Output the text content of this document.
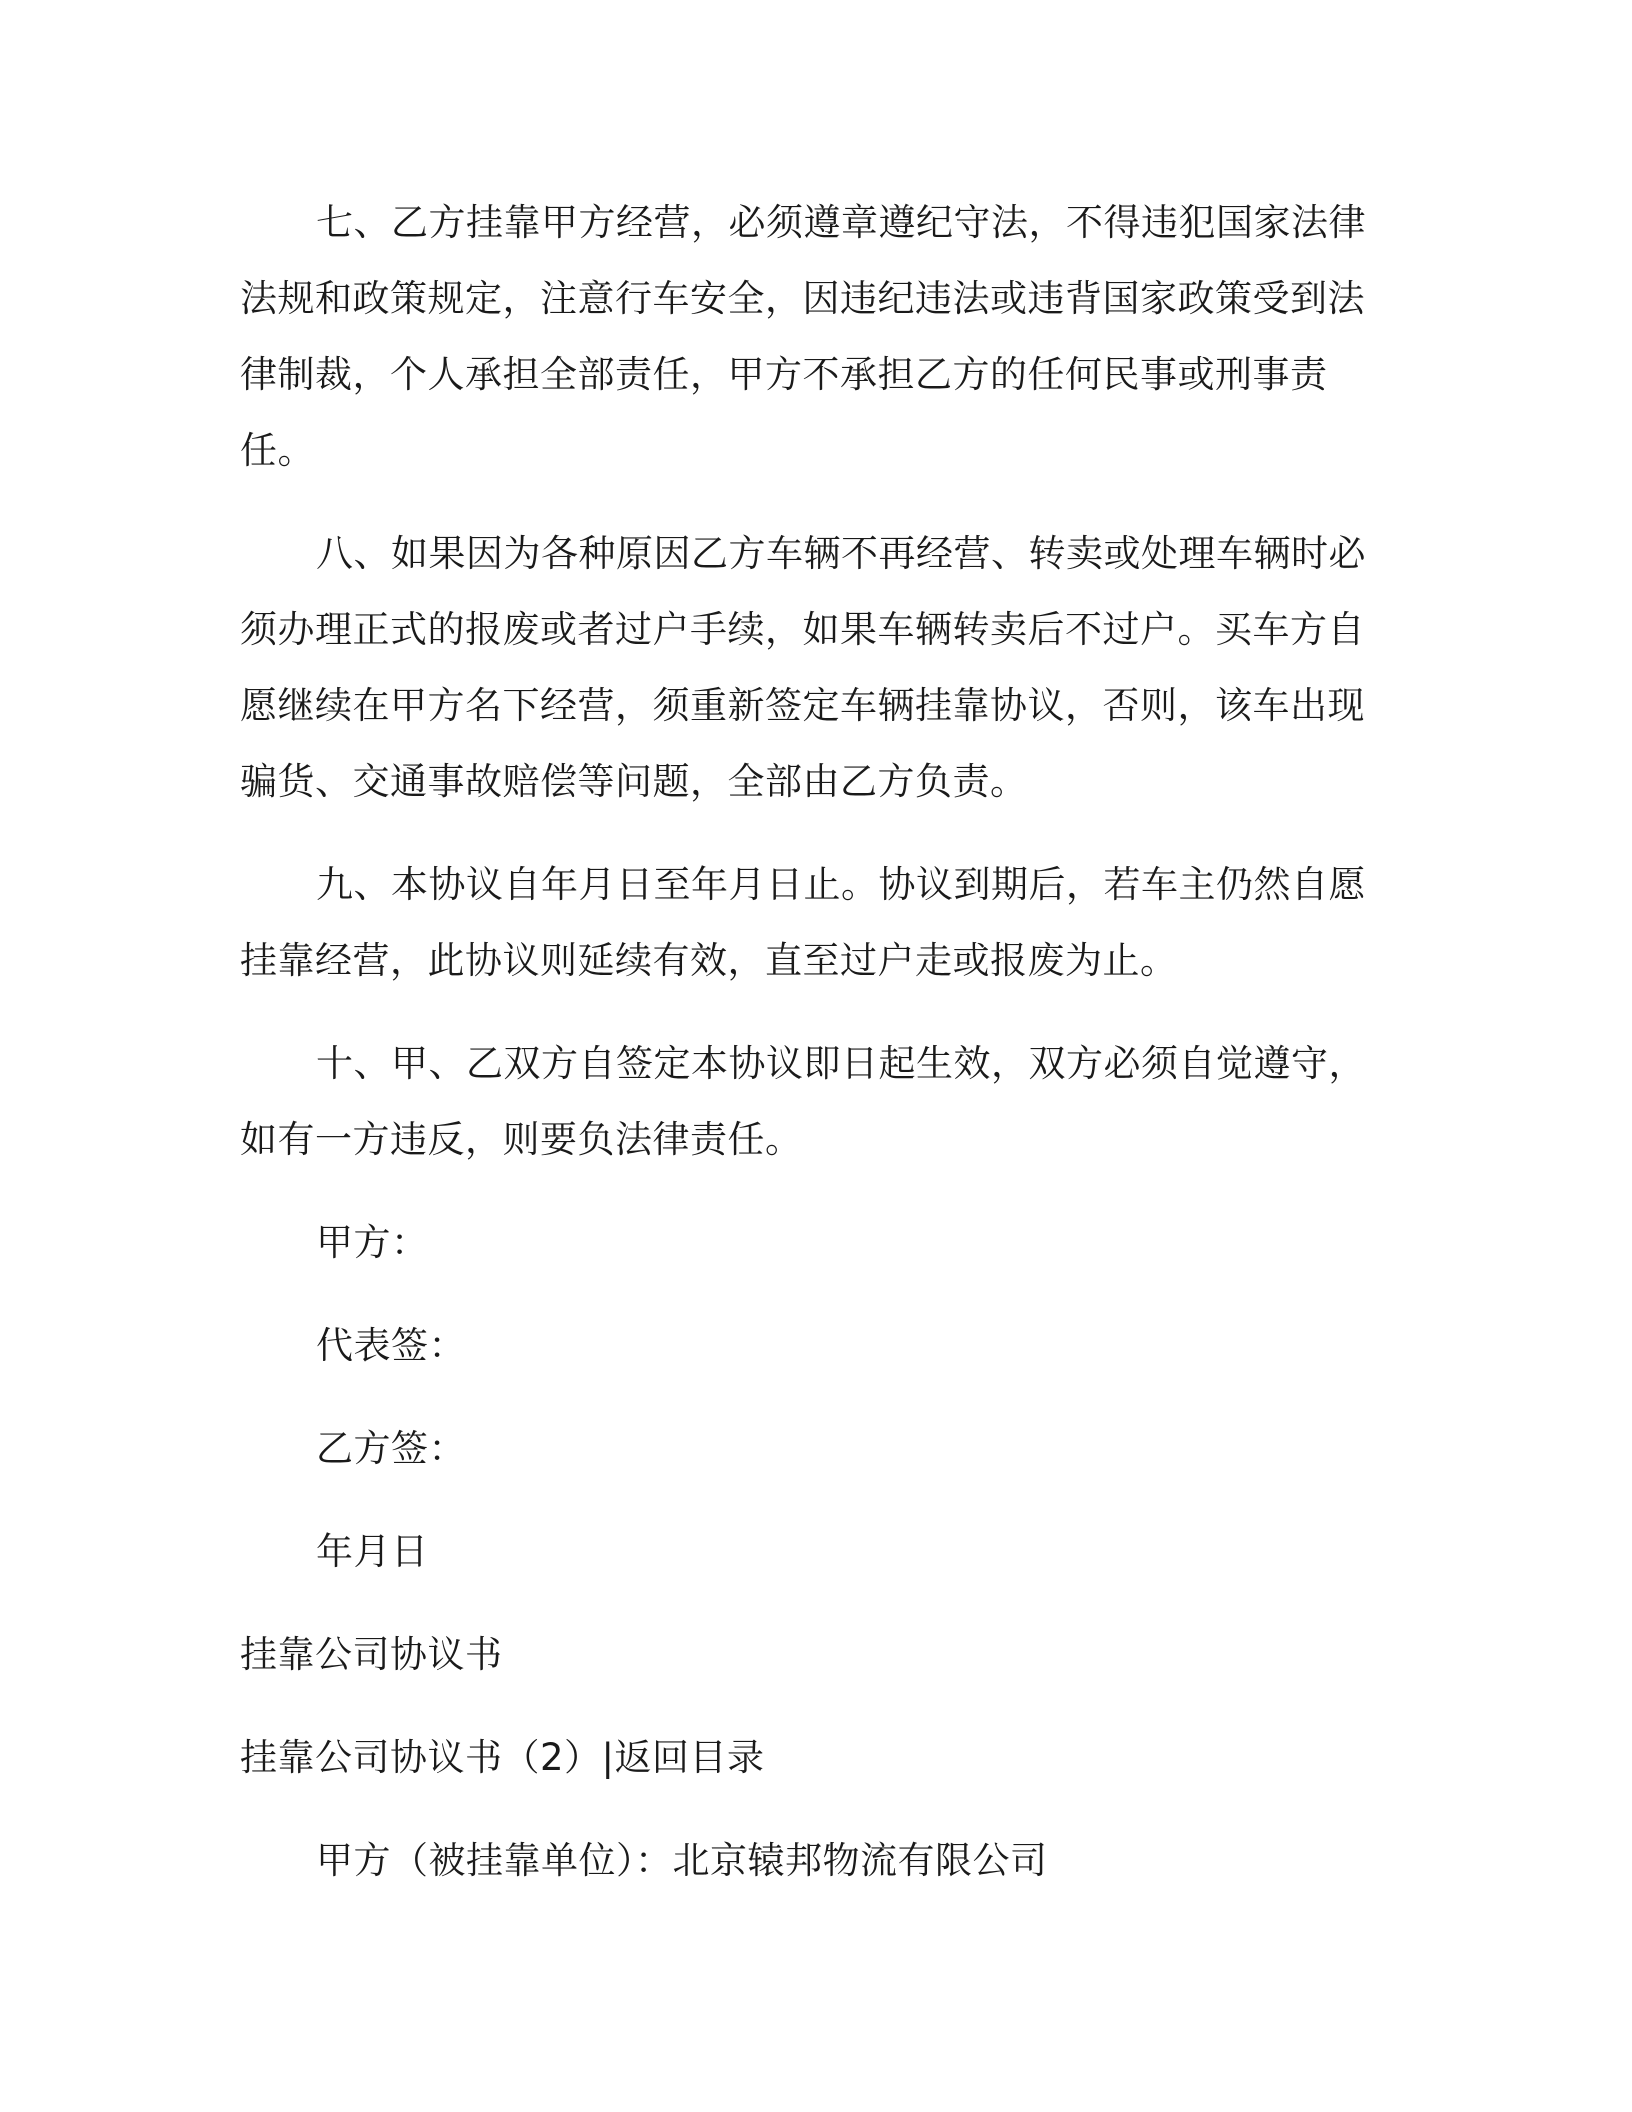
七、乙方挂靠甲方经营，必须遵章遵纪守法，不得违犯国家法律法规和政策规定，注意行车安全，因违纪违法或违背国家政策受到法律制裁，个人承担全部责任，甲方不承担乙方的任何民事或刑事责任。

八、如果因为各种原因乙方车辆不再经营、转卖或处理车辆时必须办理正式的报废或者过户手续，如果车辆转卖后不过户。买车方自愿继续在甲方名下经营，须重新签定车辆挂靠协议，否则，该车出现骗货、交通事故赔偿等问题，全部由乙方负责。

九、本协议自年月日至年月日止。协议到期后，若车主仍然自愿挂靠经营，此协议则延续有效，直至过户走或报废为止。

十、甲、乙双方自签定本协议即日起生效，双方必须自觉遵守，如有一方违反，则要负法律责任。

甲方：
代表签：
乙方签：
年月日
挂靠公司协议书
挂靠公司协议书（2）|返回目录
甲方（被挂靠单位）：北京辕邦物流有限公司
